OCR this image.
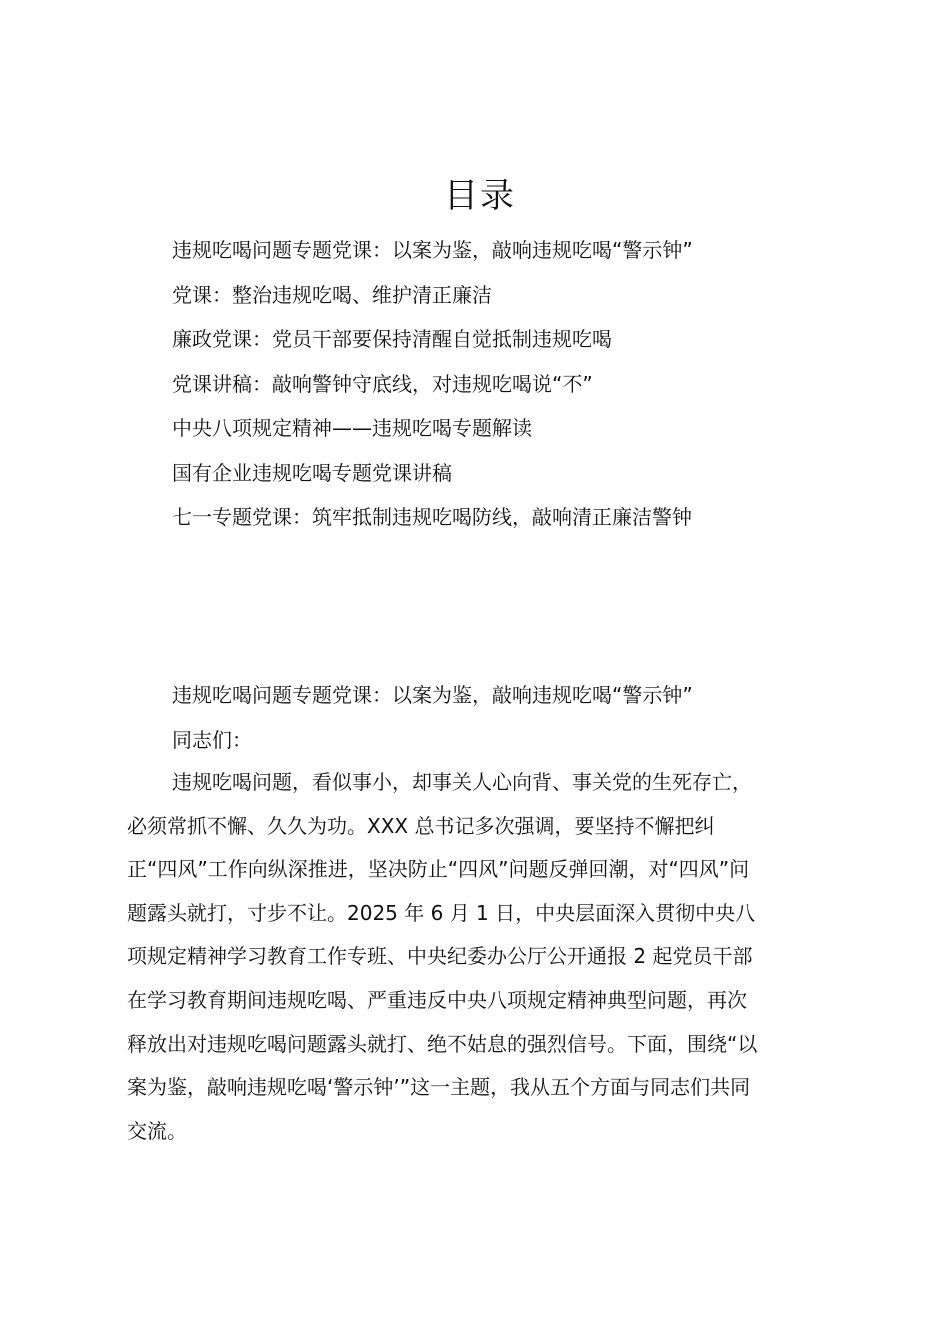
目录
违规吃喝问题专题党课：以案为鉴，敲响违规吃喝“警示钟”
党课：整治违规吃喝、维护清正廉洁
廉政党课：党员干部要保持清醒自觉抵制违规吃喝
党课讲稿：敲响警钟守底线，对违规吃喝说“不”
中央八项规定精神——违规吃喝专题解读
国有企业违规吃喝专题党课讲稿
七一专题党课：筑牢抵制违规吃喝防线，敲响清正廉洁警钟
违规吃喝问题专题党课：以案为鉴，敲响违规吃喝“警示钟”
同志们：
违规吃喝问题，看似事小，却事关人心向背、事关党的生死存亡，
必须常抓不懈、久久为功。XXX 总书记多次强调，要坚持不懈把纠
正“四风”工作向纵深推进，坚决防止“四风”问题反弹回潮，对“四风”问
题露头就打，寸步不让。2025 年 6 月 1 日，中央层面深入贯彻中央八
项规定精神学习教育工作专班、中央纪委办公厅公开通报 2 起党员干部
在学习教育期间违规吃喝、严重违反中央八项规定精神典型问题，再次
释放出对违规吃喝问题露头就打、绝不姑息的强烈信号。下面，围绕“以
案为鉴，敲响违规吃喝‘警示钟’”这一主题，我从五个方面与同志们共同
交流。
